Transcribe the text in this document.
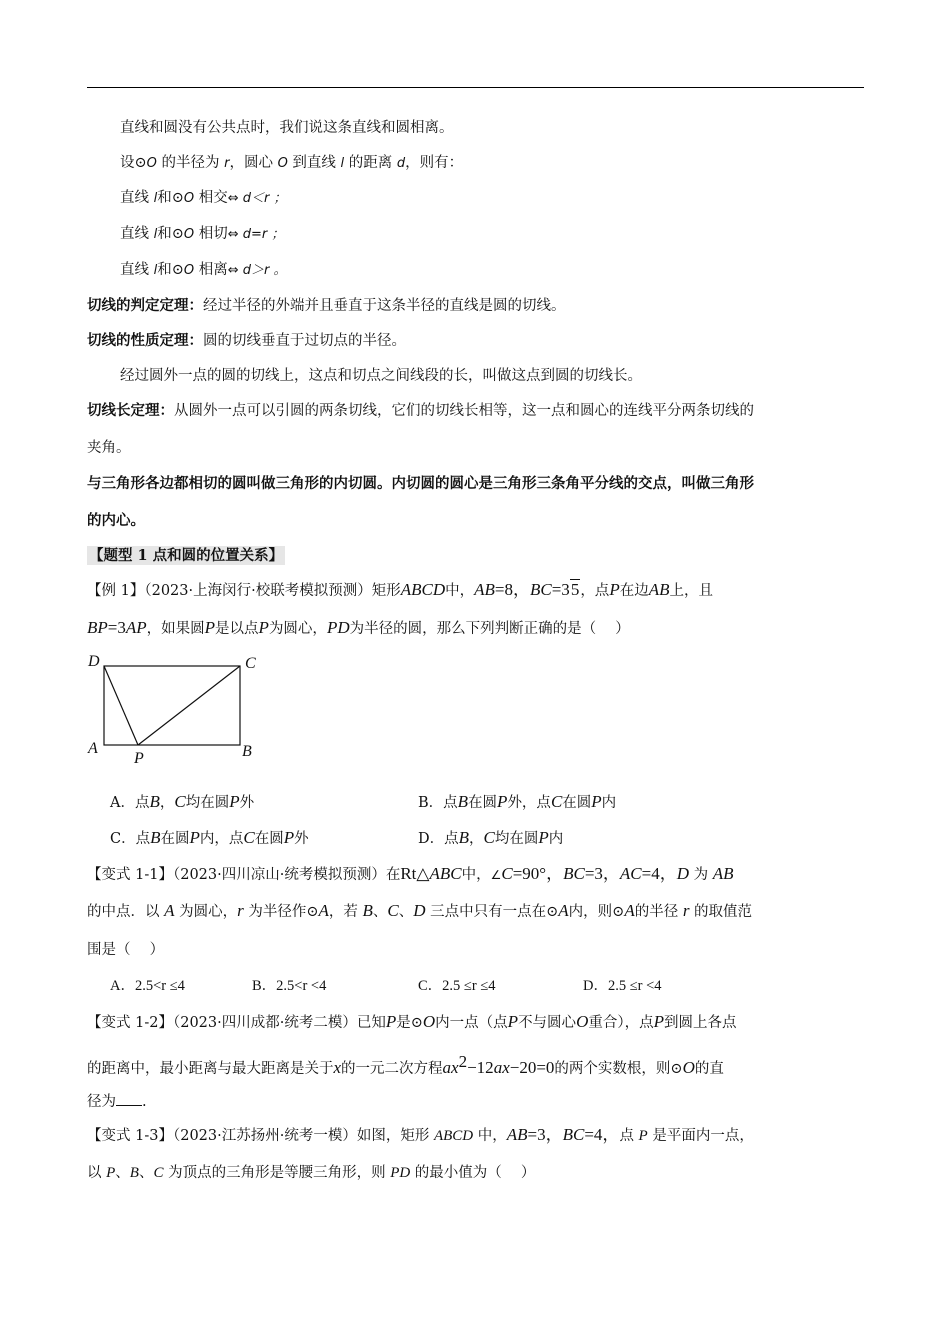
直线和圆没有公共点时，我们说这条直线和圆相离。
设⊙O 的半径为 r，圆心 O 到直线 l 的距离 d，则有：
直线 l和⊙O 相交⇔ d＜r ；
直线 l和⊙O 相切⇔ d=r ；
直线 l和⊙O 相离⇔ d＞r 。
切线的判定定理：经过半径的外端并且垂直于这条半径的直线是圆的切线。
切线的性质定理：圆的切线垂直于过切点的半径。
经过圆外一点的圆的切线上，这点和切点之间线段的长，叫做这点到圆的切线长。
切线长定理：从圆外一点可以引圆的两条切线，它们的切线长相等，这一点和圆心的连线平分两条切线的
夹角。
与三角形各边都相切的圆叫做三角形的内切圆。内切圆的圆心是三角形三条角平分线的交点，叫做三角形
的内心。
【题型 1 点和圆的位置关系】
【例 1】（2023·上海闵行·校联考模拟预测）矩形ABCD中，AB=8，BC=35，点P在边AB上，且
BP=3AP，如果圆P是以点P为圆心，PD为半径的圆，那么下列判断正确的是（　 ）
D	C
A	B
P
A．点B，C均在圆P外	B．点B在圆P外，点C在圆P内
C．点B在圆P内，点C在圆P外	D．点B，C均在圆P内
【变式 1-1】（2023·四川凉山·统考模拟预测）在Rt△ABC中，∠C=90°，BC=3，AC=4，D 为 AB
的中点．以 A 为圆心，r 为半径作⊙A，若 B、C、D 三点中只有一点在⊙A内，则⊙A的半径 r 的取值范
围是（　 ）
A．2.5<r ≤4	B．2.5<r <4	C．2.5 ≤r ≤4	D．2.5 ≤r <4
【变式 1-2】（2023·四川成都·统考二模）已知P是⊙O内一点（点P不与圆心O重合），点P到圆上各点
的距离中，最小距离与最大距离是关于x的一元二次方程$ax^2-12ax-20=0$的两个实数根，则⊙O的直
径为 .
【变式 1-3】（2023·江苏扬州·统考一模）如图，矩形 ABCD 中，AB=3，BC=4，点 P 是平面内一点，
以 P、B、C 为顶点的三角形是等腰三角形，则 PD 的最小值为（　 ）
